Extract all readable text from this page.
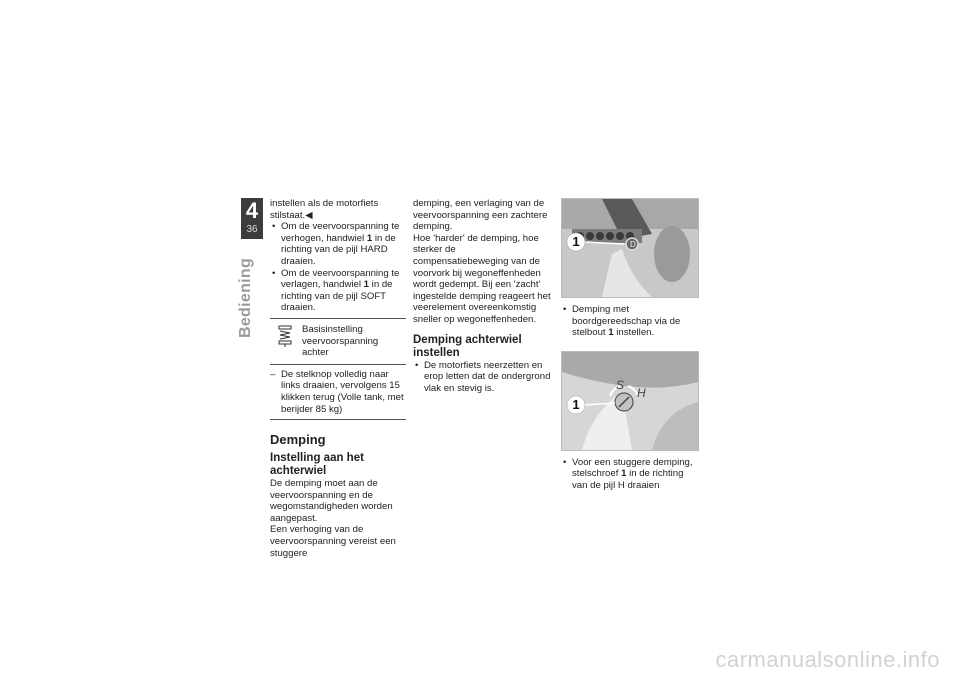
4
36
Bediening

instellen als de motorfiets stilstaat.◀

• Om de veervoorspanning te verhogen, handwiel 1 in de richting van de pijl HARD draaien.

• Om de veervoorspanning te verlagen, handwiel 1 in de richting van de pijl SOFT draaien.

Basisinstelling veervoorspanning achter

– De stelknop volledig naar links draaien, vervolgens 15 klikken terug (Volle tank, met berijder 85 kg)

Demping
Instelling aan het achterwiel

De demping moet aan de veervoorspanning en de wegomstandigheden worden aangepast.

Een verhoging van de veervoorspanning vereist een stuggere

demping, een verlaging van de veervoorspanning een zachtere demping.

Hoe 'harder' de demping, hoe sterker de compensatiebeweging van de voorvork bij wegoneffenheden wordt gedempt. Bij een 'zacht' ingestelde demping reageert het veerelement overeenkomstig sneller op wegoneffenheden.

Demping achterwiel instellen

• De motorfiets neerzetten en erop letten dat de ondergrond vlak en stevig is.

D
1

• Demping met boordgereedschap via de stelbout 1 instellen.

1
S
H

• Voor een stuggere demping, stelschroef 1 in de richting van de pijl H draaien

carmanualsonline.info
